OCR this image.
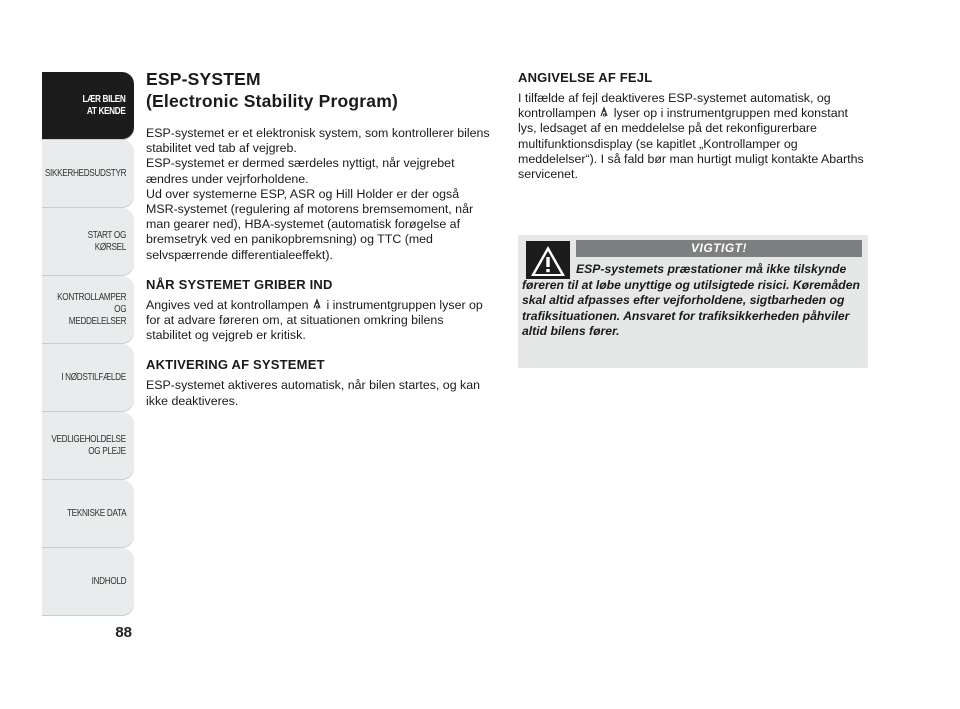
LÆR BILEN
AT KENDE
SIKKERHEDSUDSTYR
START OG KØRSEL
KONTROLLAMPER
OG MEDDELELSER
I NØDSTILFÆLDE
VEDLIGEHOLDELSE
OG PLEJE
TEKNISKE DATA
INDHOLD
88
ESP-SYSTEM
(Electronic Stability Program)

ESP-systemet er et elektronisk system, som kontrollerer bilens stabilitet ved tab af vejgreb.
ESP-systemet er dermed særdeles nyttigt, når vejgrebet ændres under vejrforholdene.
Ud over systemerne ESP, ASR og Hill Holder er der også MSR-systemet (regulering af motorens bremsemoment, når man gearer ned), HBA-systemet (automatisk forøgelse af bremsetryk ved en panikopbremsning) og TTC (med selvspærrende differentialeeffekt).

NÅR SYSTEMET GRIBER IND

Angives ved at kontrollampen i instrumentgruppen lyser op for at advare føreren om, at situationen omkring bilens stabilitet og vejgreb er kritisk.

AKTIVERING AF SYSTEMET

ESP-systemet aktiveres automatisk, når bilen startes, og kan ikke deaktiveres.

ANGIVELSE AF FEJL

I tilfælde af fejl deaktiveres ESP-systemet automatisk, og kontrollampen lyser op i instrumentgruppen med konstant lys, ledsaget af en meddelelse på det rekonfigurerbare multifunktionsdisplay (se kapitlet „Kontrollamper og meddelelser“). I så fald bør man hurtigt muligt kontakte Abarths servicenet.

VIGTIGT!
ESP-systemets præstationer må ikke tilskynde føreren til at løbe unyttige og utilsigtede risici. Køremåden skal altid afpasses efter vejforholdene, sigtbarheden og trafiksituationen. Ansvaret for trafiksikkerheden påhviler altid bilens fører.
